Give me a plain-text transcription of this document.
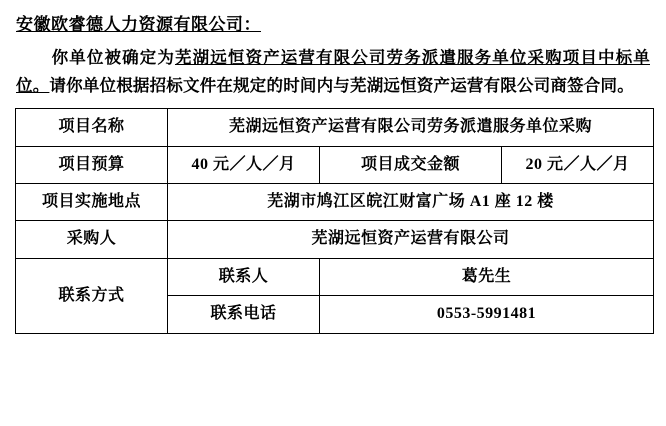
安徽欧睿德人力资源有限公司：
你单位被确定为芜湖远恒资产运营有限公司劳务派遣服务单位采购项目中标单位。请你单位根据招标文件在规定的时间内与芜湖远恒资产运营有限公司商签合同。
项目名称	芜湖远恒资产运营有限公司劳务派遣服务单位采购		
项目预算	40 元／人／月	项目成交金额	20 元／人／月
项目实施地点	芜湖市鸠江区皖江财富广场 A1 座 12 楼		
采购人	芜湖远恒资产运营有限公司		
联系方式	联系人	葛先生	
	联系电话	0553-5991481	
